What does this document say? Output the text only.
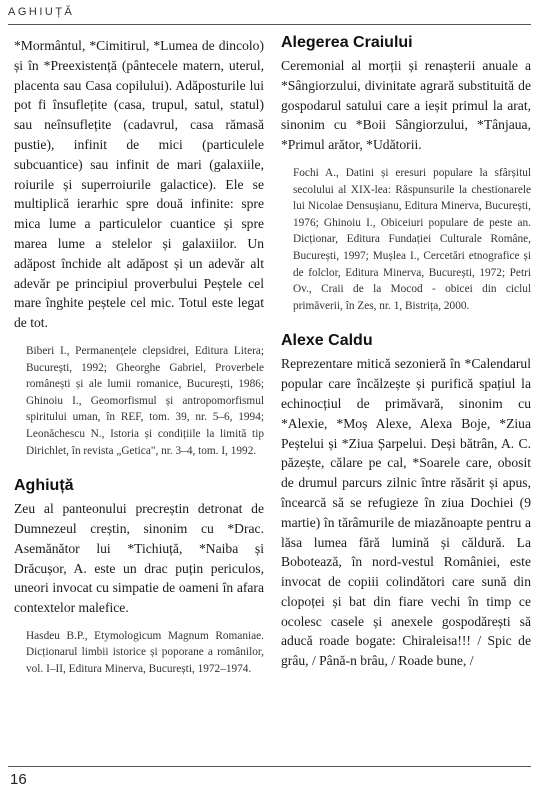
AGHIUȚĂ

*Mormântul, *Cimitirul, *Lumea de dincolo) și în *Preexistență (pântecele matern, uterul, placenta sau Casa copilului). Adăposturile lui pot fi însuflețite (casa, trupul, satul, statul) sau neînsuflețite (cadavrul, casa rămasă pustie), infinit de mici (particulele subcuantice) sau infinit de mari (galaxiile, roiurile și superroiurile galactice). Ele se multiplică ierarhic spre două infinite: spre mica lume a particulelor cuantice și spre marea lume a stelelor și galaxiilor. Un adăpost închide alt adăpost și un adevăr alt adevăr pe principiul proverbului Peștele cel mare înghite peștele cel mic. Totul este legat de tot.

Biberi I., Permanențele clepsidrei, Editura Litera; București, 1992; Gheorghe Gabriel, Proverbele românești și ale lumii romanice, București, 1986; Ghinoiu I., Geomorfismul și antropomorfismul spiritului uman, în REF, tom. 39, nr. 5–6, 1994; Leonăchescu N., Istoria și condițiile la limită tip Dirichlet, în revista „Getica", nr. 3–4, tom. I, 1992.

Aghiuță

Zeu al panteonului precreștin detronat de Dumnezeul creștin, sinonim cu *Drac. Asemănător lui *Tichiuță, *Naiba și Drăcușor, A. este un drac puțin periculos, uneori invocat cu simpatie de oameni în afara contextelor malefice.

Hasdeu B.P., Etymologicum Magnum Romaniae. Dicționarul limbii istorice și poporane a românilor, vol. I–II, Editura Minerva, București, 1972–1974.

Alegerea Craiului

Ceremonial al morții și renașterii anuale a *Sângiorzului, divinitate agrară substituită de gospodarul satului care a ieșit primul la arat, sinonim cu *Boii Sângiorzului, *Tânjaua, *Primul arător, *Udătorii.

Fochi A., Datini și eresuri populare la sfârșitul secolului al XIX-lea: Răspunsurile la chestionarele lui Nicolae Densușianu, Editura Minerva, București, 1976; Ghinoiu I., Obiceiuri populare de peste an. Dicționar, Editura Fundației Culturale Române, București, 1997; Mușlea I., Cercetări etnografice și de folclor, Editura Minerva, București, 1972; Petri Ov., Craii de la Mocod - obicei din ciclul primăverii, în Zes, nr. 1, Bistrița, 2000.

Alexe Caldu

Reprezentare mitică sezonieră în *Calendarul popular care încălzește și purifică spațiul la echinocțiul de primăvară, sinonim cu *Alexie, *Moș Alexe, Alexa Boje, *Ziua Peștelui și *Ziua Șarpelui. Deși bătrân, A. C. păzește, călare pe cal, *Soarele care, obosit de drumul parcurs zilnic între răsărit și apus, încearcă să se refugieze în ziua Dochiei (9 martie) în tărâmurile de miazănoapte pentru a lăsa lumea fără lumină și căldură. La Bobotează, în nord-vestul României, este invocat de copiii colindători care sună din clopoței și bat din fiare vechi în timp ce ocolesc casele și anexele gospodărești să aducă roade bogate: Chiraleisa!!! / Spic de grâu, / Până-n brâu, / Roade bune, /

16
